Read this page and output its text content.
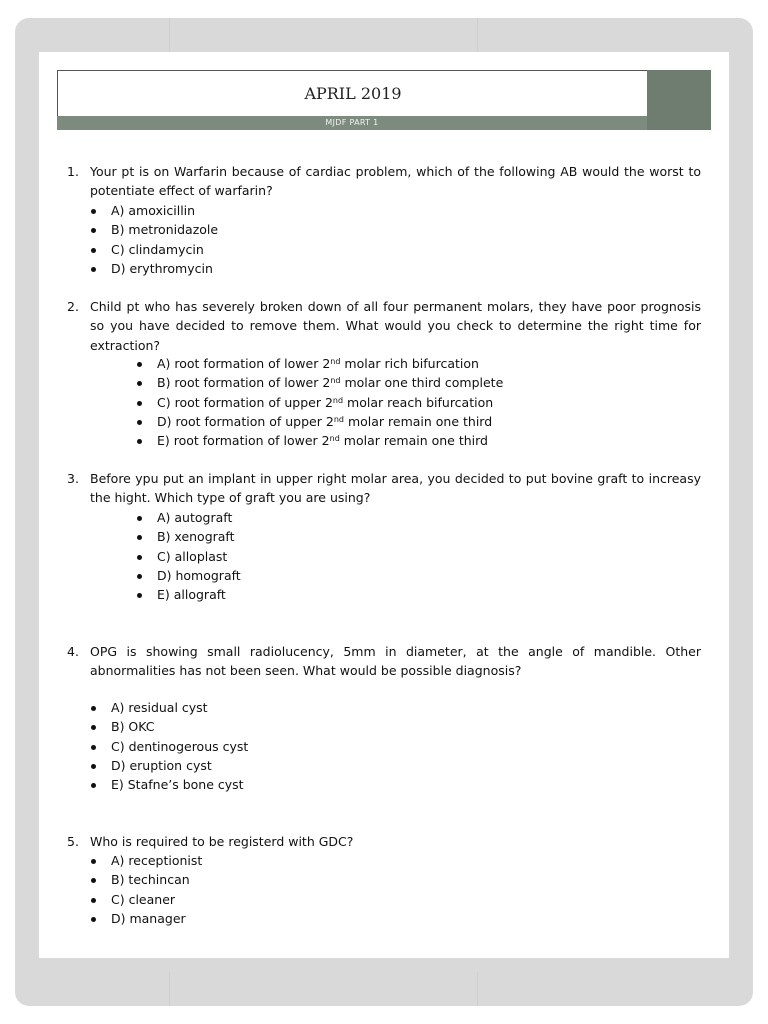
APRIL 2019
MJDF PART 1
1. Your pt is on Warfarin because of cardiac problem, which of the following AB would the worst to potentiate effect of warfarin?
A) amoxicillin
B) metronidazole
C) clindamycin
D) erythromycin
2. Child pt who has severely broken down of all four permanent molars, they have poor prognosis so you have decided to remove them. What would you check to determine the right time for extraction?
A) root formation of lower 2nd molar rich bifurcation
B) root formation of lower 2nd molar one third complete
C) root formation of upper 2nd molar reach bifurcation
D) root formation of upper 2nd molar remain one third
E) root formation of lower 2nd molar remain one third
3. Before ypu put an implant in upper right molar area, you decided to put bovine graft to increasy the hight. Which type of graft you are using?
A) autograft
B) xenograft
C) alloplast
D) homograft
E) allograft
4. OPG is showing small radiolucency, 5mm in diameter, at the angle of mandible. Other abnormalities has not been seen. What would be possible diagnosis?
A) residual cyst
B) OKC
C) dentinogerous cyst
D) eruption cyst
E) Stafne’s bone cyst
5. Who is required to be registerd with GDC?
A) receptionist
B) techincan
C) cleaner
D) manager
